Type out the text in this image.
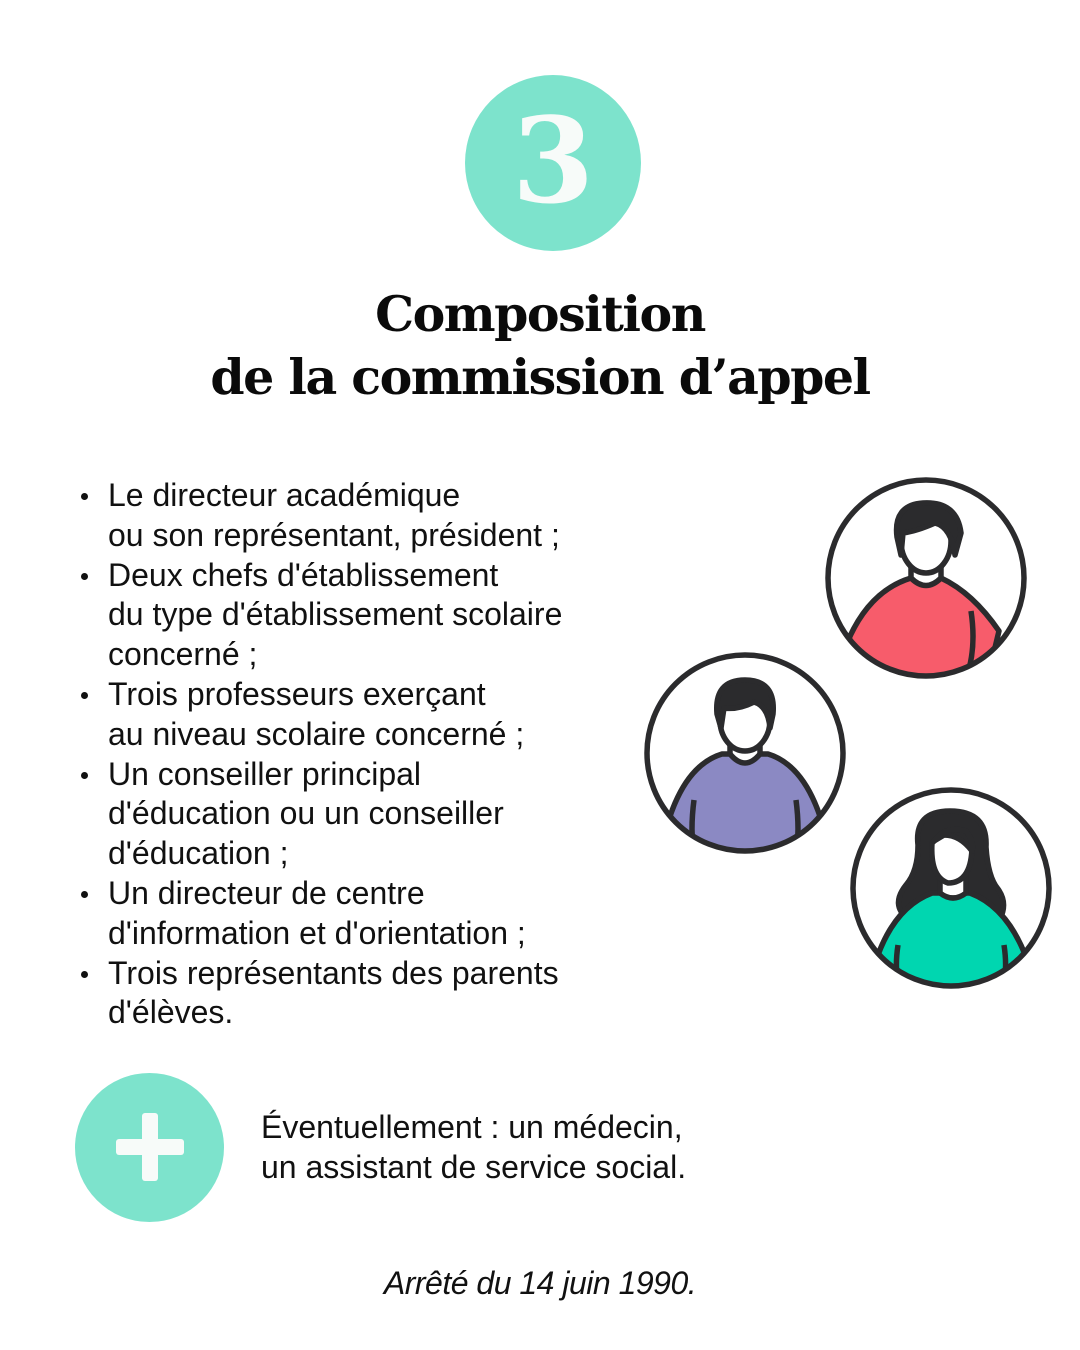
3
Composition
de la commission d’appel
Le directeur académique
ou son représentant, président ;
Deux chefs d'établissement
du type d'établissement scolaire
concerné ;
Trois professeurs exerçant
au niveau scolaire concerné ;
Un conseiller principal
d'éducation ou un conseiller
d'éducation ;
Un directeur de centre
d'information et d'orientation ;
Trois représentants des parents
d'élèves.

Éventuellement : un médecin,
un assistant de service social.

Arrêté du 14 juin 1990.
